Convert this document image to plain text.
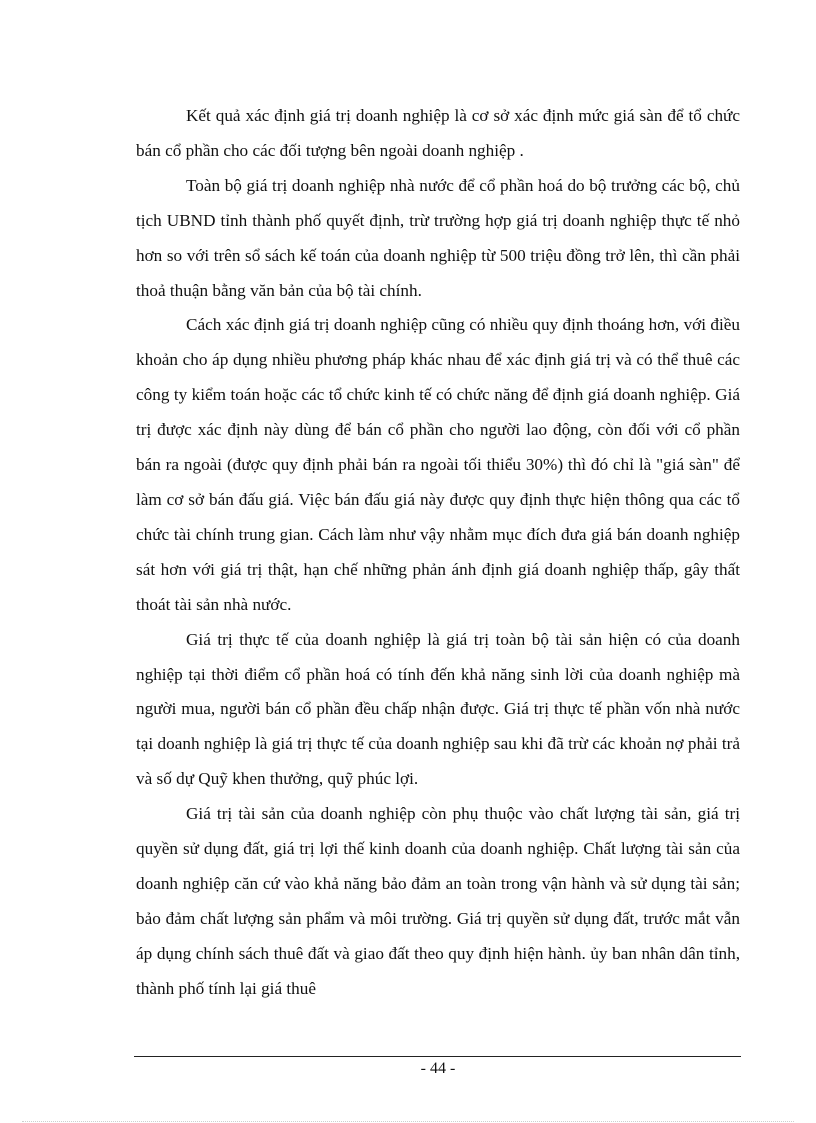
Kết quả xác định giá trị doanh nghiệp là cơ sở xác định mức giá sàn để tổ chức bán cổ phần cho các đối tượng bên ngoài doanh nghiệp .

Toàn bộ giá trị doanh nghiệp nhà nước để cổ phần hoá do bộ trưởng các bộ, chủ tịch UBND tỉnh thành phố quyết định, trừ trường hợp giá trị doanh nghiệp thực tế nhỏ hơn so với trên sổ sách kế toán của doanh nghiệp từ 500 triệu đồng trở lên, thì cần phải thoả thuận bằng văn bản của bộ tài chính.

Cách xác định giá trị doanh nghiệp cũng có nhiều quy định thoáng hơn, với điều khoản cho áp dụng nhiều phương pháp khác nhau để xác định giá trị và có thể thuê các công ty kiểm toán hoặc các tổ chức kinh tế có chức năng để định giá doanh nghiệp. Giá trị được xác định này dùng để bán cổ phần cho người lao động, còn đối với cổ phần bán ra ngoài (được quy định phải bán ra ngoài tối thiểu 30%) thì đó chỉ là "giá sàn" để làm cơ sở bán đấu giá. Việc bán đấu giá này được quy định thực hiện thông qua các tổ chức tài chính trung gian. Cách làm như vậy nhằm mục đích đưa giá bán doanh nghiệp sát hơn với giá trị thật, hạn chế những phản ánh định giá doanh nghiệp thấp, gây thất thoát tài sản nhà nước.

Giá trị thực tế của doanh nghiệp là giá trị toàn bộ tài sản hiện có của doanh nghiệp tại thời điểm cổ phần hoá có tính đến khả năng sinh lời của doanh nghiệp mà người mua, người bán cổ phần đều chấp nhận được. Giá trị thực tế phần vốn nhà nước tại doanh nghiệp là giá trị thực tế của doanh nghiệp sau khi đã trừ các khoản nợ phải trả và số dự Quỹ khen thưởng, quỹ phúc lợi.

Giá trị tài sản của doanh nghiệp còn phụ thuộc vào chất lượng tài sản, giá trị quyền sử dụng đất, giá trị lợi thế kinh doanh của doanh nghiệp. Chất lượng tài sản của doanh nghiệp căn cứ vào khả năng bảo đảm an toàn trong vận hành và sử dụng tài sản; bảo đảm chất lượng sản phẩm và môi trường. Giá trị quyền sử dụng đất, trước mắt vẫn áp dụng chính sách thuê đất và giao đất theo quy định hiện hành. ủy ban nhân dân tỉnh, thành phố tính lại giá thuê

- 44 -
